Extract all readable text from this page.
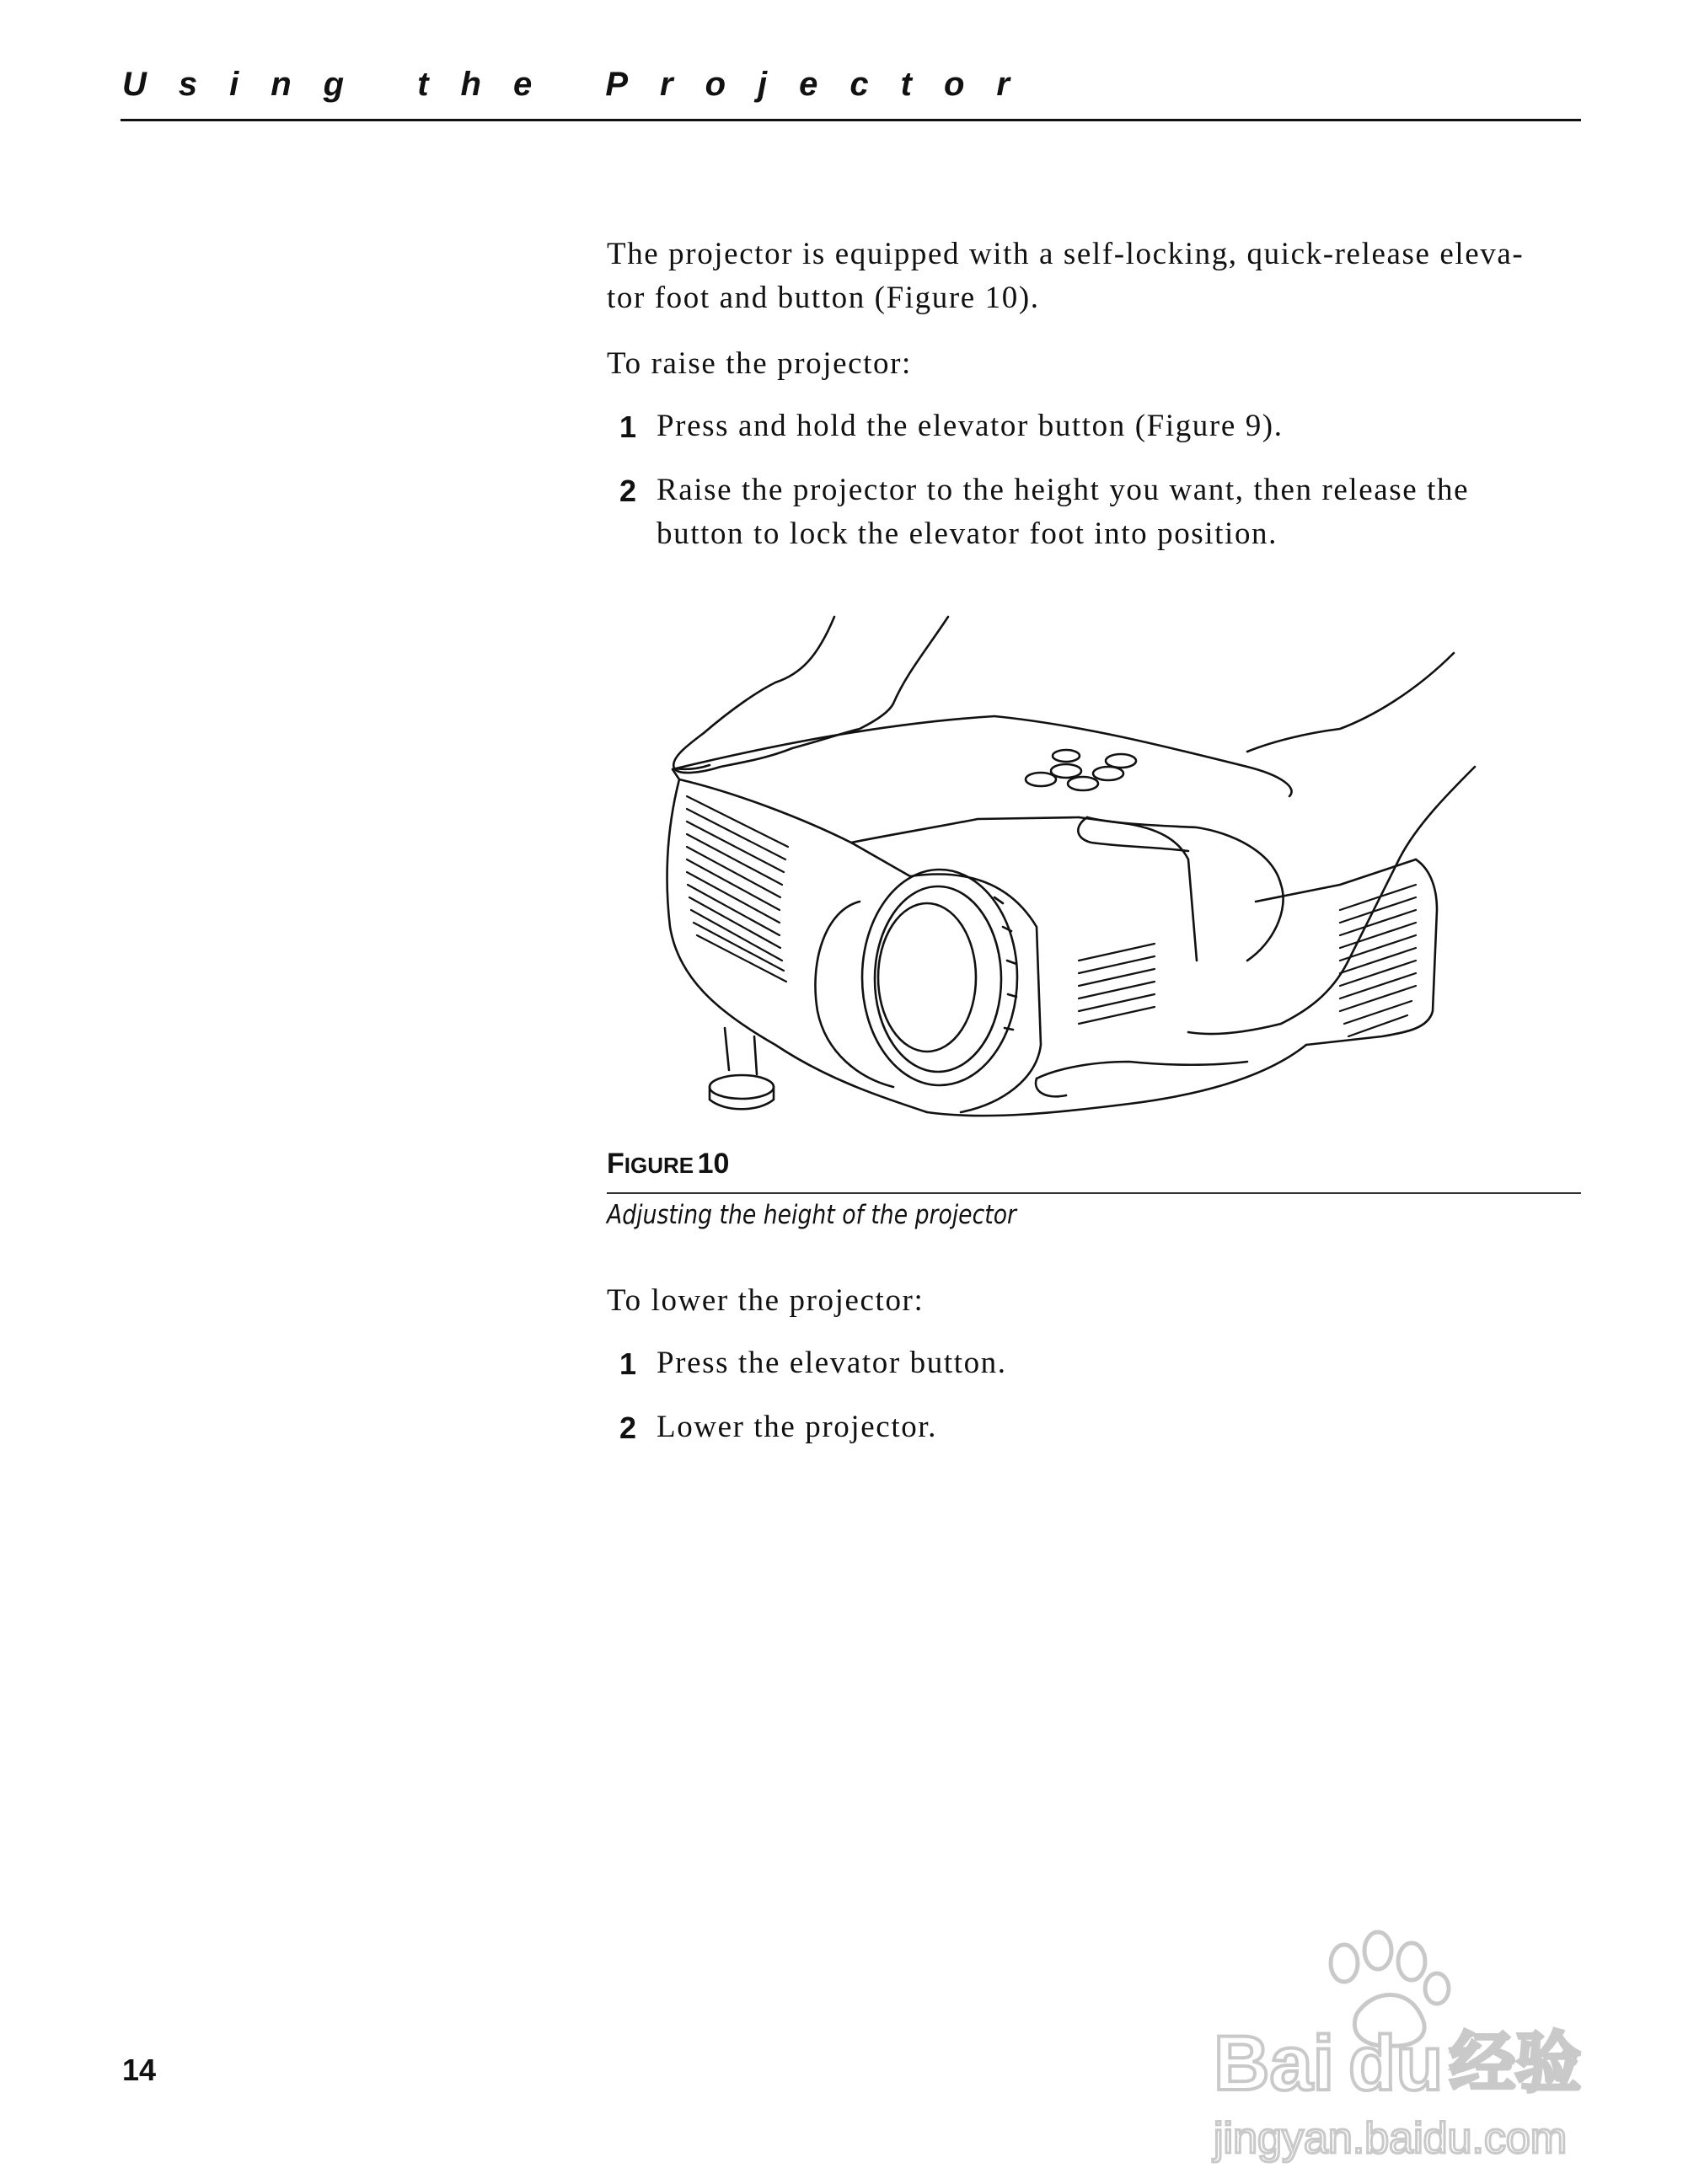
Using the Projector
The projector is equipped with a self-locking, quick-release eleva-
tor foot and button (Figure 10).
To raise the projector:
1 Press and hold the elevator button (Figure 9).
2 Raise the projector to the height you want, then release the
button to lock the elevator foot into position.
FIGURE 10
Adjusting the height of the projector
To lower the projector:
1 Press the elevator button.
2 Lower the projector.
14	Bai du 经验
jingyan.baidu.com
